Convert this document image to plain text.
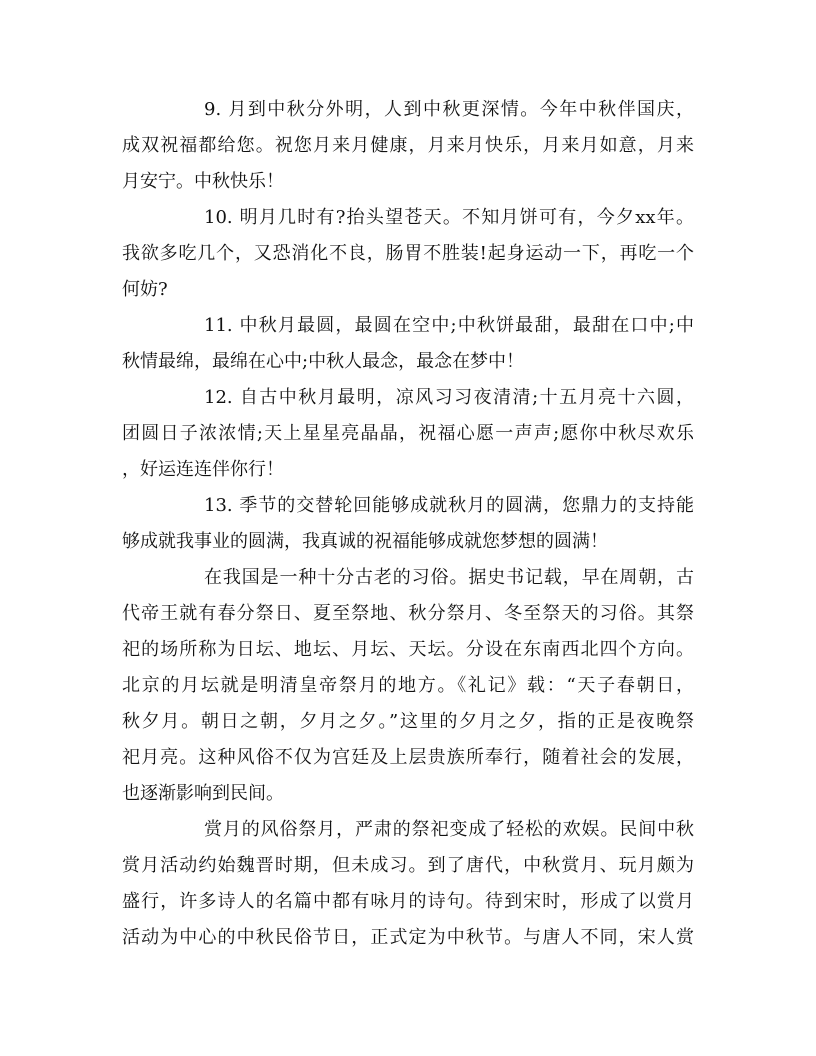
9. 月到中秋分外明，人到中秋更深情。今年中秋伴国庆，
成双祝福都给您。祝您月来月健康，月来月快乐，月来月如意，月来
月安宁。中秋快乐！
10. 明月几时有?抬头望苍天。不知月饼可有，今夕xx年。
我欲多吃几个，又恐消化不良，肠胃不胜装!起身运动一下，再吃一个
何妨?
11. 中秋月最圆，最圆在空中;中秋饼最甜，最甜在口中;中
秋情最绵，最绵在心中;中秋人最念，最念在梦中！
12. 自古中秋月最明，凉风习习夜清清;十五月亮十六圆，
团圆日子浓浓情;天上星星亮晶晶，祝福心愿一声声;愿你中秋尽欢乐
，好运连连伴你行！
13. 季节的交替轮回能够成就秋月的圆满，您鼎力的支持能
够成就我事业的圆满，我真诚的祝福能够成就您梦想的圆满！
在我国是一种十分古老的习俗。据史书记载，早在周朝，古
代帝王就有春分祭日、夏至祭地、秋分祭月、冬至祭天的习俗。其祭
祀的场所称为日坛、地坛、月坛、天坛。分设在东南西北四个方向。
北京的月坛就是明清皇帝祭月的地方。《礼记》载：“天子春朝日，
秋夕月。朝日之朝，夕月之夕。”这里的夕月之夕，指的正是夜晚祭
祀月亮。这种风俗不仅为宫廷及上层贵族所奉行，随着社会的发展，
也逐渐影响到民间。
赏月的风俗祭月，严肃的祭祀变成了轻松的欢娱。民间中秋
赏月活动约始魏晋时期，但未成习。到了唐代，中秋赏月、玩月颇为
盛行，许多诗人的名篇中都有咏月的诗句。待到宋时，形成了以赏月
活动为中心的中秋民俗节日，正式定为中秋节。与唐人不同，宋人赏
